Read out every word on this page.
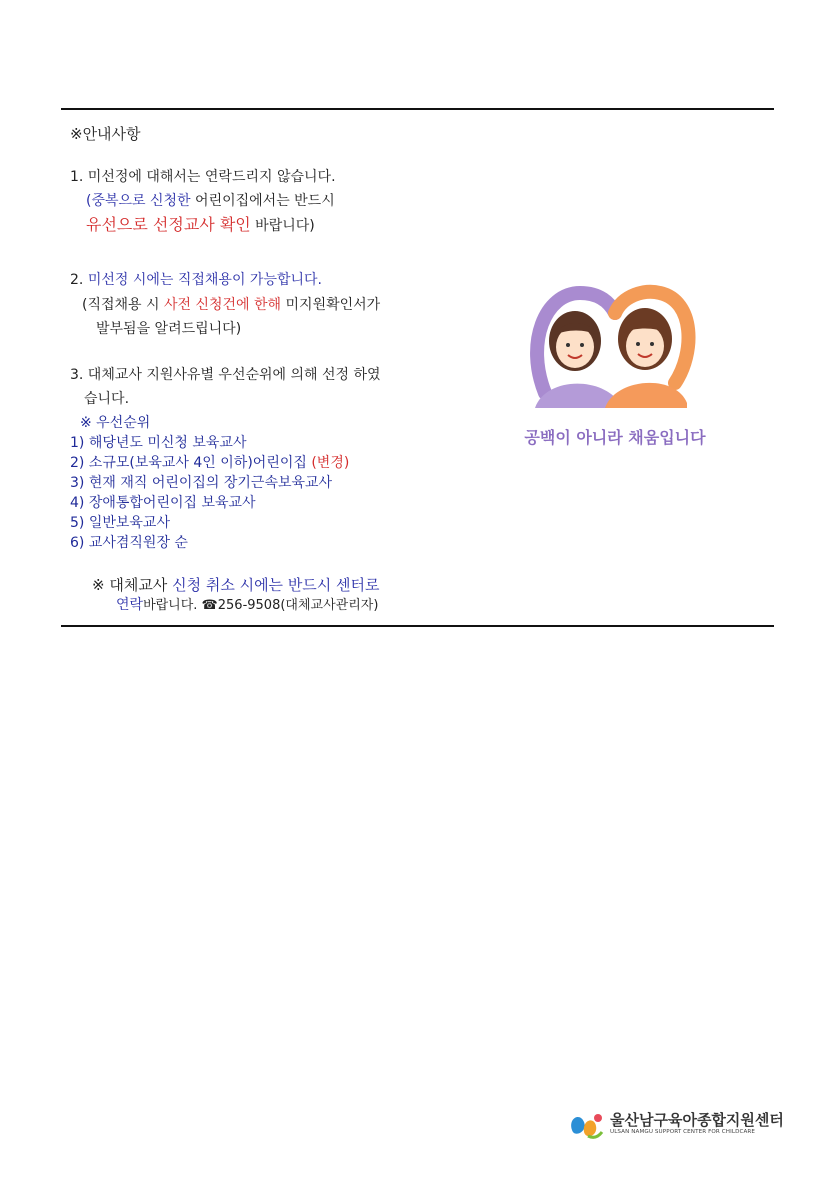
※안내사항
1. 미선정에 대해서는 연락드리지 않습니다.
(중복으로 신청한 어린이집에서는 반드시
유선으로 선정교사 확인 바랍니다)
2. 미선정 시에는 직접채용이 가능합니다.
(직접채용 시 사전 신청건에 한해 미지원확인서가
발부됨을 알려드립니다)
3. 대체교사 지원사유별 우선순위에 의해 선정 하였
습니다.
※ 우선순위
1) 해당년도 미신청 보육교사
2) 소규모(보육교사 4인 이하)어린이집 (변경)
3) 현재 재직 어린이집의 장기근속보육교사
4) 장애통합어린이집 보육교사
5) 일반보육교사
6) 교사겸직원장 순
※ 대체교사 신청 취소 시에는 반드시 센터로
연락바랍니다. ☎256-9508(대체교사관리자)
공백이 아니라 채움입니다
울산남구육아종합지원센터
ULSAN NAMGU SUPPORT CENTER FOR CHILDCARE
